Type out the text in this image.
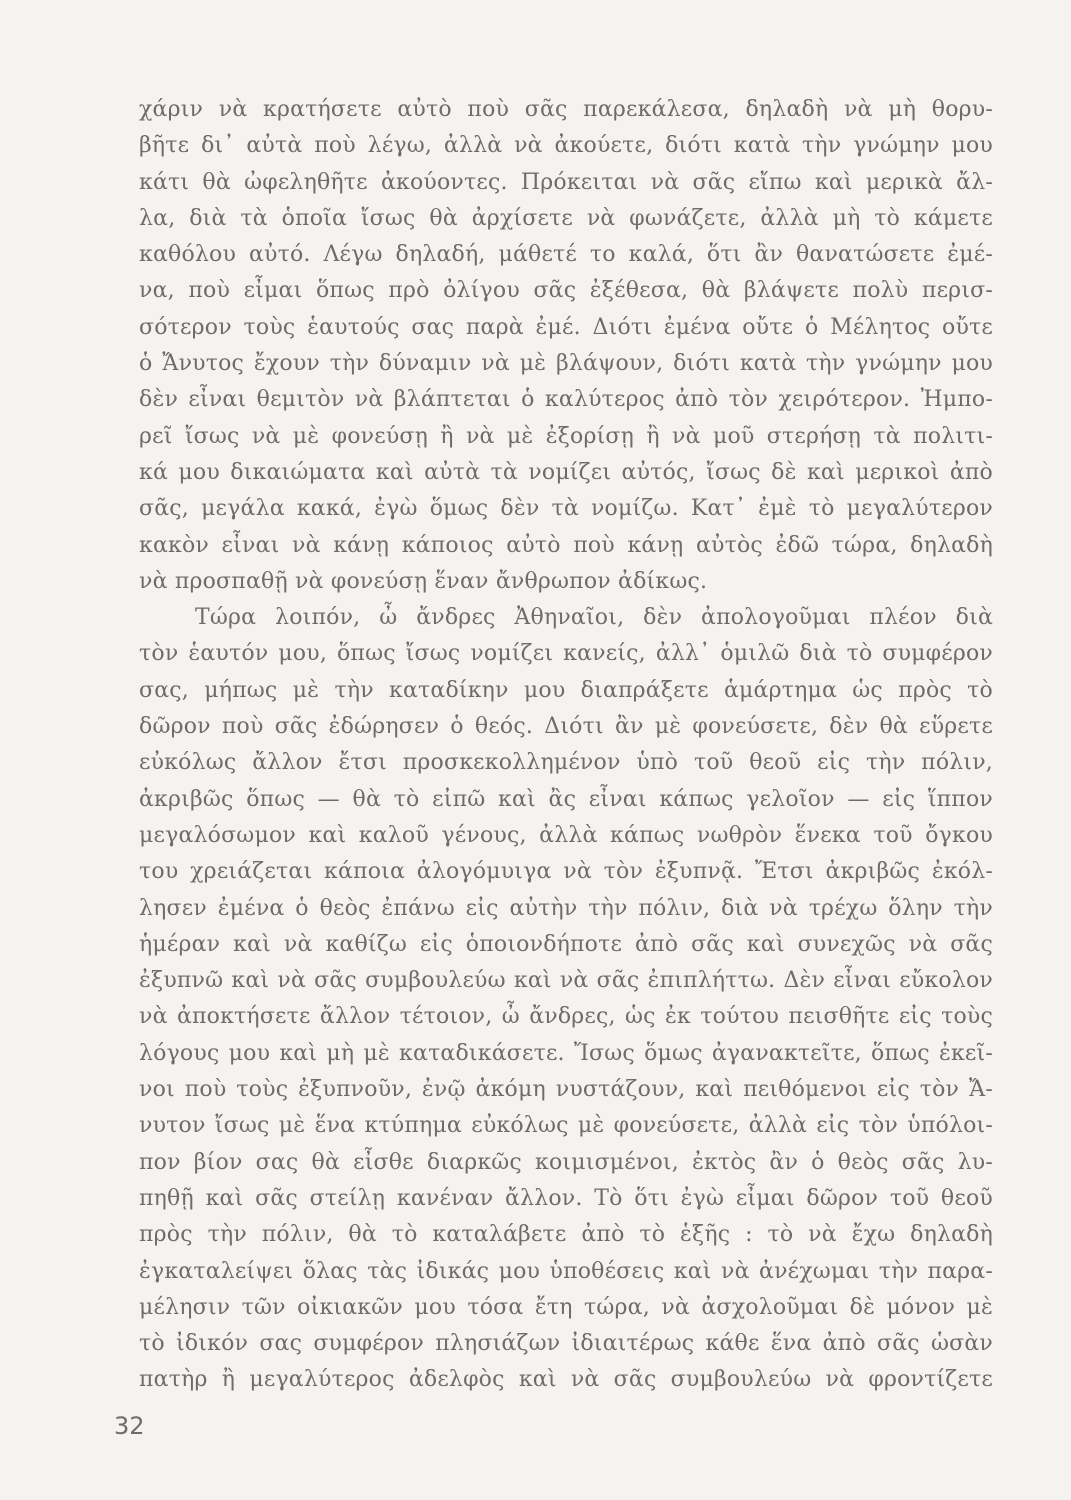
χάριν νὰ κρατήσετε αὐτὸ ποὺ σᾶς παρεκάλεσα, δηλαδὴ νὰ μὴ θορυ-
βῆτε δι᾿ αὐτὰ ποὺ λέγω, ἀλλὰ νὰ ἀκούετε, διότι κατὰ τὴν γνώμην μου
κάτι θὰ ὠφεληθῆτε ἀκούοντες. Πρόκειται νὰ σᾶς εἴπω καὶ μερικὰ ἄλ-
λα, διὰ τὰ ὁποῖα ἴσως θὰ ἀρχίσετε νὰ φωνάζετε, ἀλλὰ μὴ τὸ κάμετε
καθόλου αὐτό. Λέγω δηλαδή, μάθετέ το καλά, ὅτι ἂν θανατώσετε ἐμέ-
να, ποὺ εἶμαι ὅπως πρὸ ὀλίγου σᾶς ἐξέθεσα, θὰ βλάψετε πολὺ περισ-
σότερον τοὺς ἑαυτούς σας παρὰ ἐμέ. Διότι ἐμένα οὔτε ὁ Μέλητος οὔτε
ὁ Ἄνυτος ἔχουν τὴν δύναμιν νὰ μὲ βλάψουν, διότι κατὰ τὴν γνώμην μου
δὲν εἶναι θεμιτὸν νὰ βλάπτεται ὁ καλύτερος ἀπὸ τὸν χειρότερον. Ἠμπο-
ρεῖ ἴσως νὰ μὲ φονεύσῃ ἢ νὰ μὲ ἐξορίσῃ ἢ νὰ μοῦ στερήσῃ τὰ πολιτι-
κά μου δικαιώματα καὶ αὐτὰ τὰ νομίζει αὐτός, ἴσως δὲ καὶ μερικοὶ ἀπὸ
σᾶς, μεγάλα κακά, ἐγὼ ὅμως δὲν τὰ νομίζω. Κατ᾿ ἐμὲ τὸ μεγαλύτερον
κακὸν εἶναι νὰ κάνῃ κάποιος αὐτὸ ποὺ κάνῃ αὐτὸς ἐδῶ τώρα, δηλαδὴ
νὰ προσπαθῇ νὰ φονεύσῃ ἕναν ἄνθρωπον ἀδίκως.
Τώρα λοιπόν, ὦ ἄνδρες Ἀθηναῖοι, δὲν ἀπολογοῦμαι πλέον διὰ
τὸν ἑαυτόν μου, ὅπως ἴσως νομίζει κανείς, ἀλλ᾿ ὁμιλῶ διὰ τὸ συμφέρον
σας, μήπως μὲ τὴν καταδίκην μου διαπράξετε ἁμάρτημα ὡς πρὸς τὸ
δῶρον ποὺ σᾶς ἐδώρησεν ὁ θεός. Διότι ἂν μὲ φονεύσετε, δὲν θὰ εὕρετε
εὐκόλως ἄλλον ἔτσι προσκεκολλημένον ὑπὸ τοῦ θεοῦ εἰς τὴν πόλιν,
ἀκριβῶς ὅπως — θὰ τὸ εἰπῶ καὶ ἂς εἶναι κάπως γελοῖον — εἰς ἵππον
μεγαλόσωμον καὶ καλοῦ γένους, ἀλλὰ κάπως νωθρὸν ἕνεκα τοῦ ὄγκου
του χρειάζεται κάποια ἀλογόμυιγα νὰ τὸν ἐξυπνᾷ. Ἔτσι ἀκριβῶς ἐκόλ-
λησεν ἐμένα ὁ θεὸς ἐπάνω εἰς αὐτὴν τὴν πόλιν, διὰ νὰ τρέχω ὅλην τὴν
ἡμέραν καὶ νὰ καθίζω εἰς ὁποιονδήποτε ἀπὸ σᾶς καὶ συνεχῶς νὰ σᾶς
ἐξυπνῶ καὶ νὰ σᾶς συμβουλεύω καὶ νὰ σᾶς ἐπιπλήττω. Δὲν εἶναι εὔκολον
νὰ ἀποκτήσετε ἄλλον τέτοιον, ὦ ἄνδρες, ὡς ἐκ τούτου πεισθῆτε εἰς τοὺς
λόγους μου καὶ μὴ μὲ καταδικάσετε. Ἴσως ὅμως ἀγανακτεῖτε, ὅπως ἐκεῖ-
νοι ποὺ τοὺς ἐξυπνοῦν, ἐνῷ ἀκόμη νυστάζουν, καὶ πειθόμενοι εἰς τὸν Ἄ-
νυτον ἴσως μὲ ἕνα κτύπημα εὐκόλως μὲ φονεύσετε, ἀλλὰ εἰς τὸν ὑπόλοι-
πον βίον σας θὰ εἶσθε διαρκῶς κοιμισμένοι, ἐκτὸς ἂν ὁ θεὸς σᾶς λυ-
πηθῇ καὶ σᾶς στείλῃ κανέναν ἄλλον. Τὸ ὅτι ἐγὼ εἶμαι δῶρον τοῦ θεοῦ
πρὸς τὴν πόλιν, θὰ τὸ καταλάβετε ἀπὸ τὸ ἑξῆς : τὸ νὰ ἔχω δηλαδὴ
ἐγκαταλείψει ὅλας τὰς ἰδικάς μου ὑποθέσεις καὶ νὰ ἀνέχωμαι τὴν παρα-
μέλησιν τῶν οἰκιακῶν μου τόσα ἔτη τώρα, νὰ ἀσχολοῦμαι δὲ μόνον μὲ
τὸ ἰδικόν σας συμφέρον πλησιάζων ἰδιαιτέρως κάθε ἕνα ἀπὸ σᾶς ὡσὰν
πατὴρ ἢ μεγαλύτερος ἀδελφὸς καὶ νὰ σᾶς συμβουλεύω νὰ φροντίζετε
32
